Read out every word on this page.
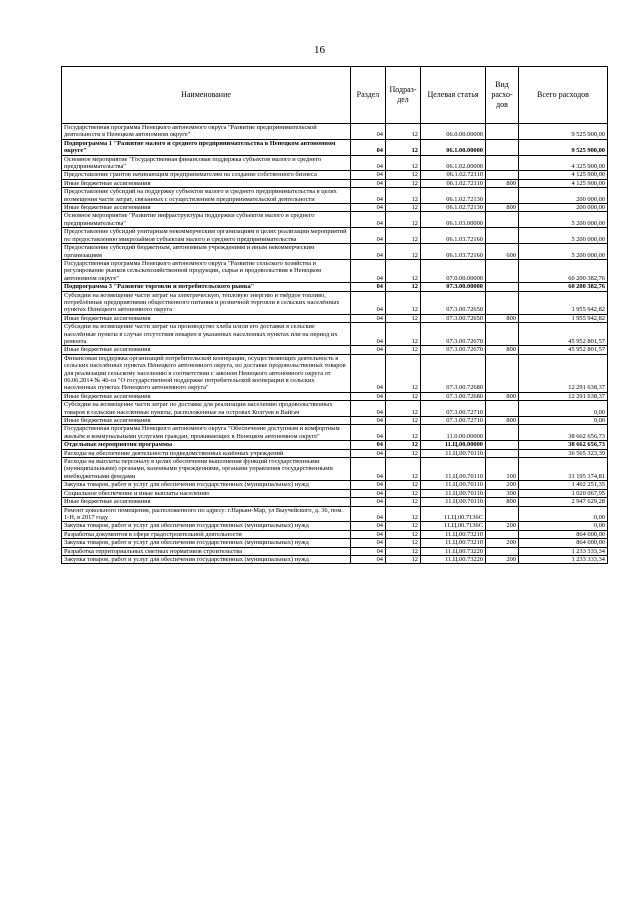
16
Наименование	Раздел	Подраз-дел	Целевая статья	Вид расхо-дов	Всего расходов
Государственная программа Ненецкого автономного округа "Развитие предпринимательской деятельности в Ненецком автономном округе"	04	12	06.0.00.00000		9 525 900,00
Подпрограмма 1 "Развитие малого и среднего предпринимательства в Ненецком автономном округе"	04	12	06.1.00.00000		9 525 900,00
Основное мероприятие "Государственная финансовая поддержка субъектов малого и среднего предпринимательства"	04	12	06.1.02.00000		4 325 900,00
Предоставление грантов начинающим предпринимателям на создание собственного бизнеса	04	12	06.1.02.72110		4 125 900,00
Иные бюджетные ассигнования	04	12	06.1.02.72110	800	4 125 900,00
Предоставление субсидий на поддержку субъектов малого и среднего предпринимательства в целях возмещения части затрат, связанных с осуществлением предпринимательской деятельности	04	12	06.1.02.72130		200 000,00
Иные бюджетные ассигнования	04	12	06.1.02.72130	800	200 000,00
Основное мероприятие "Развитие инфраструктуры поддержки субъектов малого и среднего предпринимательства"	04	12	06.1.03.00000		5 200 000,00
Предоставление субсидий унитарным некоммерческим организациям в целях реализации мероприятий по предоставлению микрозаймов субъектам малого и среднего предпринимательства	04	12	06.1.03.72160		5 200 000,00
Предоставление субсидий бюджетным, автономным учреждениям и иным некоммерческим организациям	04	12	06.1.03.72160	600	5 200 000,00
Государственная программа Ненецкого автономного округа "Развитие сельского хозяйства и регулирование рынков сельскохозяйственной продукции, сырья и продовольствия в Ненецком автономном округе"	04	12	07.0.00.00000		60 200 382,76
Подпрограмма 3 "Развитие торговли и потребительского рынка"	04	12	07.3.00.00000		60 200 382,76
Субсидии на возмещение части затрат на электрическую, тепловую энергию и твёрдое топливо, потреблённые предприятиями общественного питания и розничной торговли в сельских населённых пунктах Ненецкого автономного округа	04	12	07.3.00.72650		1 955 942,82
Иные бюджетные ассигнования	04	12	07.3.00.72650	800	1 955 942,82
Субсидии на возмещение части затрат на производство хлеба и/или его доставки в сельские населённые пункты в случае отсутствия пекарен в указанных населенных пунктах или на период их ремонта	04	12	07.3.00.72670		45 952 801,57
Иные бюджетные ассигнования	04	12	07.3.00.72670	800	45 952 801,57
Финансовая поддержка организаций потребительской кооперации, осуществляющих деятельность в сельских населённых пунктах Ненецкого автономного округа, по доставке продовольственных товаров для реализации сельскому населению в соответствии с законом Ненецкого автономного округа от 06.06.2014 № 46-оз "О государственной поддержке потребительской кооперации в сельских населенных пунктах Ненецкого автономного округа"	04	12	07.3.00.72680		12 291 638,37
Иные бюджетные ассигнования	04	12	07.3.00.72680	800	12 291 638,37
Субсидии на возмещение части затрат по доставке для реализации населению продовольственных товаров в сельские населенные пункты, расположенные на островах Колгуев и Вайгач	04	12	07.3.00.72710		0,00
Иные бюджетные ассигнования	04	12	07.3.00.72710	800	0,00
Государственная программа Ненецкого автономного округа "Обеспечение доступным и комфортным жильём и коммунальными услугами граждан, проживающих в Ненецком автономном округе"	04	12	11.0.00.00000		38 662 656,73
Отдельные мероприятия программы	04	12	11.Ц.00.00000		38 662 656,73
Расходы на обеспечение деятельности подведомственных казённых учреждений	04	12	11.Ц.00.70110		36 565 323,39
Расходы на выплаты персоналу в целях обеспечения выполнения функций государственными (муниципальными) органами, казенными учреждениями, органами управления государственными внебюджетными фондами	04	12	11.Ц.00.70110	100	31 195 374,81
Закупка товаров, работ и услуг для обеспечения государственных (муниципальных) нужд	04	12	11.Ц.00.70110	200	1 402 251,35
Социальное обеспечение и иные выплаты населению	04	12	11.Ц.00.70110	300	1 020 067,95
Иные бюджетные ассигнования	04	12	11.Ц.00.70110	800	2 947 629,28
Ремонт цокольного помещения, расположенного по адресу: г.Нарьян-Мар, ул Выучейского, д. 36, пом. 1-Н, в 2017 году	04	12	11.Ц.00.7136С		0,00
Закупка товаров, работ и услуг для обеспечения государственных (муниципальных) нужд	04	12	11.Ц.00.7136С	200	0,00
Разработка документов в сфере градостроительной деятельности	04	12	11.Ц.00.73210		864 000,00
Закупка товаров, работ и услуг для обеспечения государственных (муниципальных) нужд	04	12	11.Ц.00.73210	200	864 000,00
Разработка территориальных сметных нормативов строительства	04	12	11.Ц.00.73220		1 233 333,34
Закупка товаров, работ и услуг для обеспечения государственных (муниципальных) нужд	04	12	11.Ц.00.73220	200	1 233 333,34
